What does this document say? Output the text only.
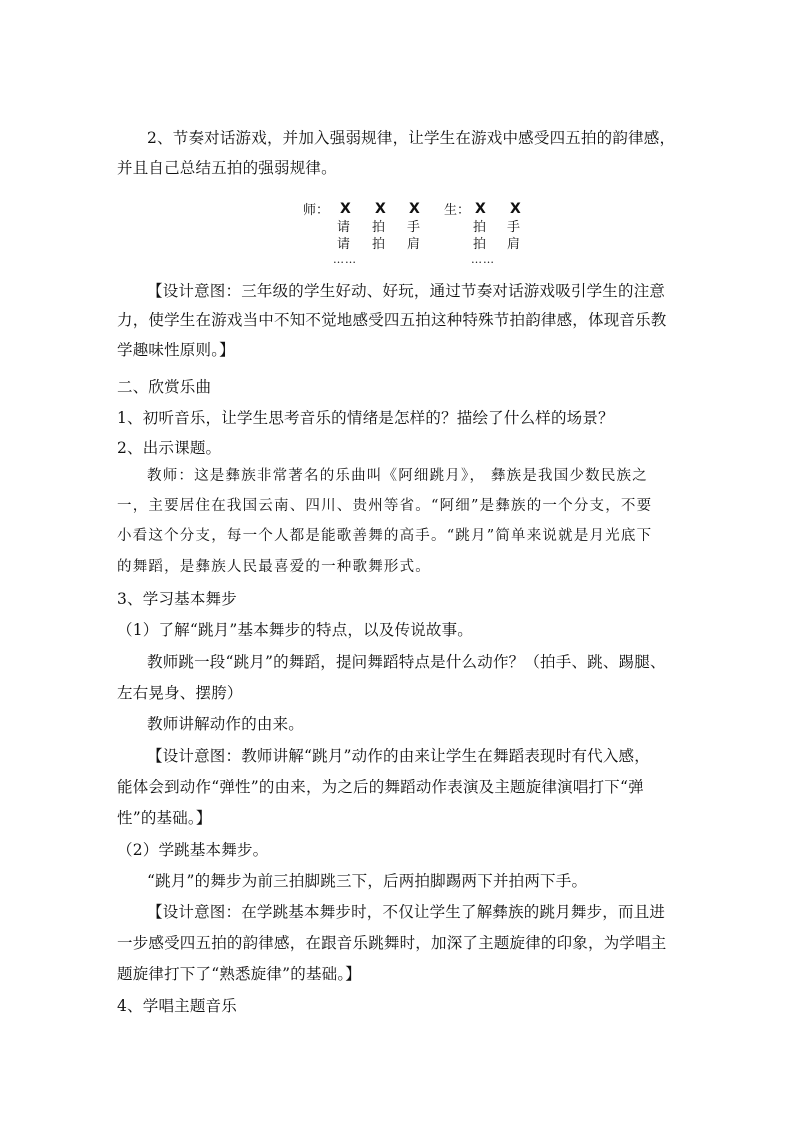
2、节奏对话游戏，并加入强弱规律，让学生在游戏中感受四五拍的韵律感，
并且自己总结五拍的强弱规律。
师： X X X 生： X X
请 拍 手	拍 手
请 拍 肩	拍 肩
……	……
【设计意图：三年级的学生好动、好玩，通过节奏对话游戏吸引学生的注意
力，使学生在游戏当中不知不觉地感受四五拍这种特殊节拍韵律感，体现音乐教
学趣味性原则。】
二、欣赏乐曲
1、初听音乐，让学生思考音乐的情绪是怎样的？描绘了什么样的场景？
2、出示课题。
教师：这是彝族非常著名的乐曲叫《阿细跳月》， 彝族是我国少数民族之
一，主要居住在我国云南、四川、贵州等省。“阿细”是彝族的一个分支，不要
小看这个分支，每一个人都是能歌善舞的高手。“跳月”简单来说就是月光底下
的舞蹈，是彝族人民最喜爱的一种歌舞形式。
3、学习基本舞步
（1）了解“跳月”基本舞步的特点，以及传说故事。
教师跳一段“跳月”的舞蹈，提问舞蹈特点是什么动作？（拍手、跳、踢腿、
左右晃身、摆胯）
教师讲解动作的由来。
【设计意图：教师讲解“跳月”动作的由来让学生在舞蹈表现时有代入感，
能体会到动作“弹性”的由来，为之后的舞蹈动作表演及主题旋律演唱打下“弹
性”的基础。】
（2）学跳基本舞步。
“跳月”的舞步为前三拍脚跳三下，后两拍脚踢两下并拍两下手。
【设计意图：在学跳基本舞步时，不仅让学生了解彝族的跳月舞步，而且进
一步感受四五拍的韵律感，在跟音乐跳舞时，加深了主题旋律的印象，为学唱主
题旋律打下了“熟悉旋律”的基础。】
4、学唱主题音乐
